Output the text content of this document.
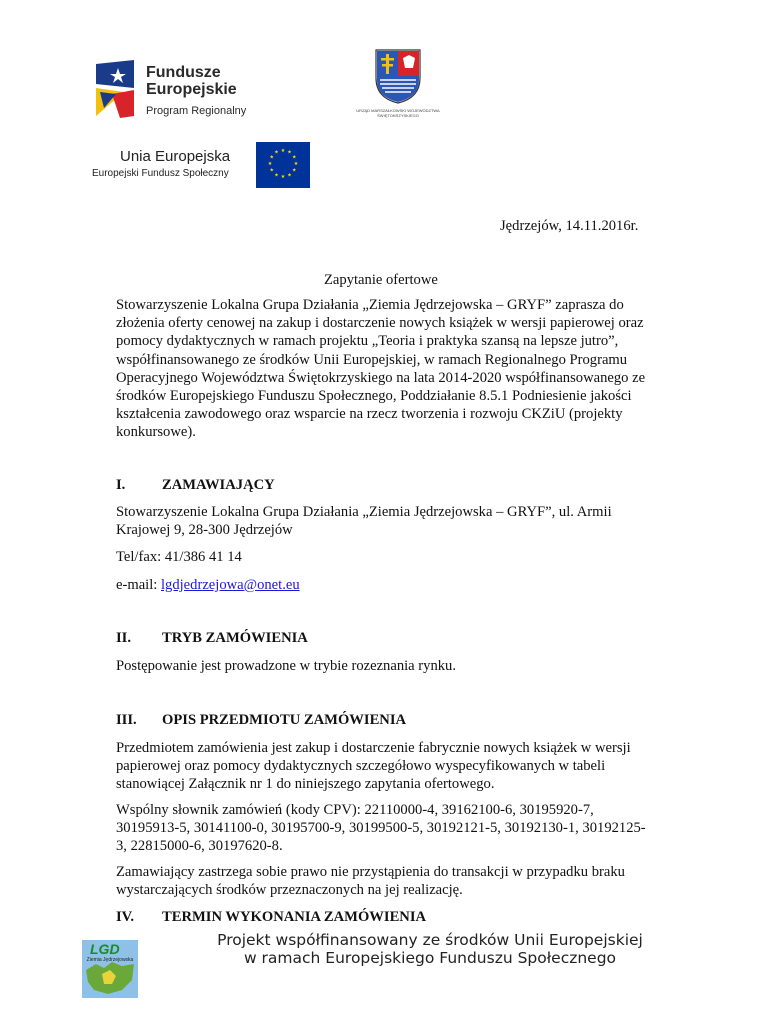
Fundusze
Europejskie
Program Regionalny	URZĄD MARSZAŁKOWSKI WOJEWÓDZTWA ŚWIĘTOKRZYSKIEGO
Unia Europejska
Europejski Fundusz Społeczny
★ ★
★
★
★
★
★
★
★
★
★
★
Jędrzejów, 14.11.2016r.
Zapytanie ofertowe
Stowarzyszenie Lokalna Grupa Działania „Ziemia Jędrzejowska – GRYF” zaprasza do
złożenia oferty cenowej na zakup i dostarczenie nowych książek w wersji papierowej oraz
pomocy dydaktycznych w ramach projektu „Teoria i praktyka szansą na lepsze jutro”,
współfinansowanego ze środków Unii Europejskiej, w ramach Regionalnego Programu
Operacyjnego Województwa Świętokrzyskiego na lata 2014-2020 współfinansowanego ze
środków Europejskiego Funduszu Społecznego, Poddziałanie 8.5.1 Podniesienie jakości
kształcenia zawodowego oraz wsparcie na rzecz tworzenia i rozwoju CKZiU (projekty
konkursowe).
I.	ZAMAWIAJĄCY
Stowarzyszenie Lokalna Grupa Działania „Ziemia Jędrzejowska – GRYF”, ul. Armii
Krajowej 9, 28-300 Jędrzejów
Tel/fax: 41/386 41 14
e-mail: lgdjedrzejowa@onet.eu
II. TRYB ZAMÓWIENIA
Postępowanie jest prowadzone w trybie rozeznania rynku.
III. OPIS PRZEDMIOTU ZAMÓWIENIA
Przedmiotem zamówienia jest zakup i dostarczenie fabrycznie nowych książek w wersji
papierowej oraz pomocy dydaktycznych szczegółowo wyspecyfikowanych w tabeli
stanowiącej Załącznik nr 1 do niniejszego zapytania ofertowego.
Wspólny słownik zamówień (kody CPV): 22110000-4, 39162100-6, 30195920-7,
30195913-5, 30141100-0, 30195700-9, 30199500-5, 30192121-5, 30192130-1, 30192125-
3, 22815000-6, 30197620-8.
Zamawiający zastrzega sobie prawo nie przystąpienia do transakcji w przypadku braku
wystarczających środków przeznaczonych na jej realizację.
IV. TERMIN WYKONANIA ZAMÓWIENIA
LGD
Ziemia Jędrzejowska
Projekt współfinansowany ze środków Unii Europejskiej
w ramach Europejskiego Funduszu Społecznego
